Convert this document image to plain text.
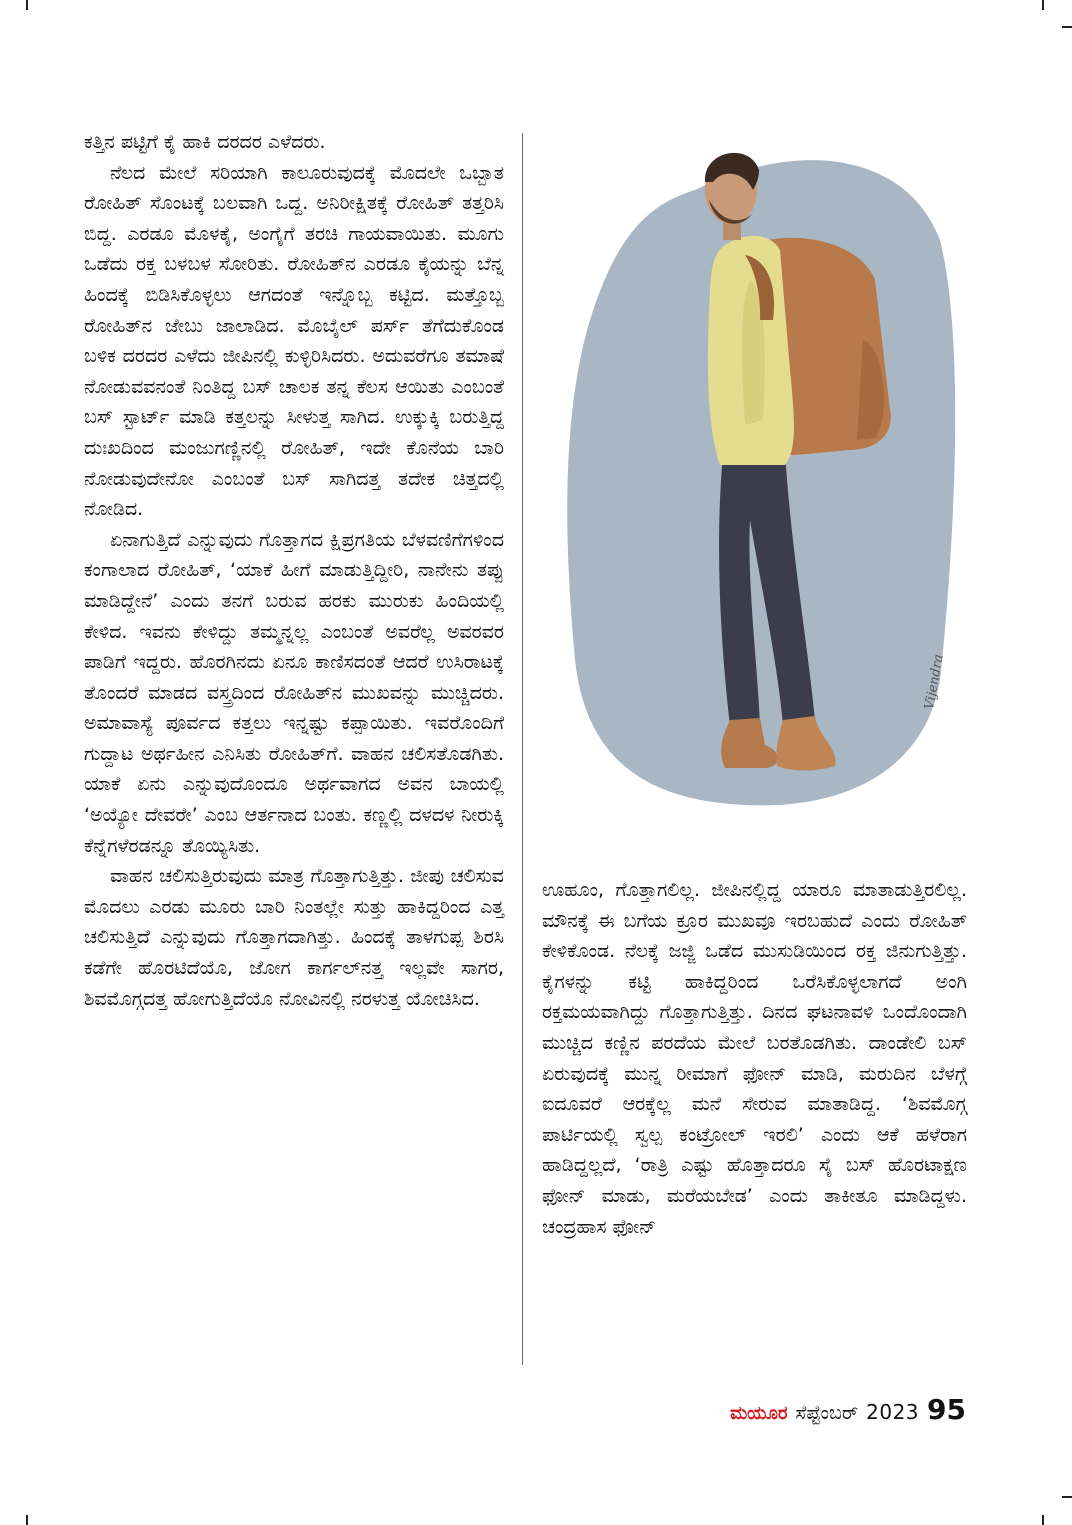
ಕತ್ತಿನ ಪಟ್ಟಿಗೆ ಕೈ ಹಾಕಿ ದರದರ ಎಳೆದರು.

ನೆಲದ ಮೇಲೆ ಸರಿಯಾಗಿ ಕಾಲೂರುವುದಕ್ಕೆ ಮೊದಲೇ ಒಬ್ಬಾತ ರೋಹಿತ್ ಸೊಂಟಕ್ಕೆ ಬಲವಾಗಿ ಒದ್ದ. ಅನಿರೀಕ್ಷಿತಕ್ಕೆ ರೋಹಿತ್ ತತ್ತರಿಸಿ ಬಿದ್ದ. ಎರಡೂ ಮೊಳಕೈ, ಅಂಗೈಗೆ ತರಚಿ ಗಾಯವಾಯಿತು. ಮೂಗು ಒಡೆದು ರಕ್ತ ಬಳಬಳ ಸೋರಿತು. ರೋಹಿತ್‌ನ ಎರಡೂ ಕೈಯನ್ನು ಬೆನ್ನ ಹಿಂದಕ್ಕೆ ಬಿಡಿಸಿಕೊಳ್ಳಲು ಆಗದಂತೆ ಇನ್ನೊಬ್ಬ ಕಟ್ಟಿದ. ಮತ್ತೊಬ್ಬ ರೋಹಿತ್‌ನ ಜೇಬು ಜಾಲಾಡಿದ. ಮೊಬೈಲ್ ಪರ್ಸ್ ತೆಗೆದುಕೊಂಡ ಬಳಿಕ ದರದರ ಎಳೆದು ಜೀಪಿನಲ್ಲಿ ಕುಳ್ಳಿರಿಸಿದರು. ಅದುವರೆಗೂ ತಮಾಷೆ ನೋಡುವವನಂತೆ ನಿಂತಿದ್ದ ಬಸ್ ಚಾಲಕ ತನ್ನ ಕೆಲಸ ಆಯಿತು ಎಂಬಂತೆ ಬಸ್ ಸ್ಟಾರ್ಟ್ ಮಾಡಿ ಕತ್ತಲನ್ನು ಸೀಳುತ್ತ ಸಾಗಿದ. ಉಕ್ಕುಕ್ಕಿ ಬರುತ್ತಿದ್ದ ದುಃಖದಿಂದ ಮಂಜುಗಣ್ಣಿನಲ್ಲಿ ರೋಹಿತ್, ಇದೇ ಕೊನೆಯ ಬಾರಿ ನೋಡುವುದೇನೋ ಎಂಬಂತೆ ಬಸ್ ಸಾಗಿದತ್ತ ತದೇಕ ಚಿತ್ತದಲ್ಲಿ ನೋಡಿದ.

ಏನಾಗುತ್ತಿದೆ ಎನ್ನುವುದು ಗೊತ್ತಾಗದ ಕ್ಷಿಪ್ರಗತಿಯ ಬೆಳವಣಿಗೆಗಳಿಂದ ಕಂಗಾಲಾದ ರೋಹಿತ್, ‘ಯಾಕೆ ಹೀಗೆ ಮಾಡುತ್ತಿದ್ದೀರಿ, ನಾನೇನು ತಪ್ಪು ಮಾಡಿದ್ದೇನೆ’ ಎಂದು ತನಗೆ ಬರುವ ಹರಕು ಮುರುಕು ಹಿಂದಿಯಲ್ಲಿ ಕೇಳಿದ. ಇವನು ಕೇಳಿದ್ದು ತಮ್ಮನ್ನಲ್ಲ ಎಂಬಂತೆ ಅವರೆಲ್ಲ ಅವರವರ ಪಾಡಿಗೆ ಇದ್ದರು. ಹೊರಗಿನದು ಏನೂ ಕಾಣಿಸದಂತೆ ಆದರೆ ಉಸಿರಾಟಕ್ಕೆ ತೊಂದರೆ ಮಾಡದ ವಸ್ತ್ರದಿಂದ ರೋಹಿತ್‌ನ ಮುಖವನ್ನು ಮುಚ್ಚಿದರು. ಅಮಾವಾಸ್ಯೆ ಪೂರ್ವದ ಕತ್ತಲು ಇನ್ನಷ್ಟು ಕಪ್ಪಾಯಿತು. ಇವರೊಂದಿಗೆ ಗುದ್ದಾಟ ಅರ್ಥಹೀನ ಎನಿಸಿತು ರೋಹಿತ್‌ಗೆ. ವಾಹನ ಚಲಿಸತೊಡಗಿತು. ಯಾಕೆ ಏನು ಎನ್ನುವುದೊಂದೂ ಅರ್ಥವಾಗದ ಅವನ ಬಾಯಲ್ಲಿ ‘ಅಯ್ಯೋ ದೇವರೇ’ ಎಂಬ ಆರ್ತನಾದ ಬಂತು. ಕಣ್ಣಲ್ಲಿ ದಳದಳ ನೀರುಕ್ಕಿ ಕೆನ್ನೆಗಳೆರಡನ್ನೂ ತೊಯ್ಯಿಸಿತು.

ವಾಹನ ಚಲಿಸುತ್ತಿರುವುದು ಮಾತ್ರ ಗೊತ್ತಾಗುತ್ತಿತ್ತು. ಜೀಪು ಚಲಿಸುವ ಮೊದಲು ಎರಡು ಮೂರು ಬಾರಿ ನಿಂತಲ್ಲೇ ಸುತ್ತು ಹಾಕಿದ್ದರಿಂದ ಎತ್ತ ಚಲಿಸುತ್ತಿದೆ ಎನ್ನುವುದು ಗೊತ್ತಾಗದಾಗಿತ್ತು. ಹಿಂದಕ್ಕೆ ತಾಳಗುಪ್ಪ ಶಿರಸಿ ಕಡೆಗೇ ಹೊರಟಿದೆಯೊ, ಜೋಗ ಕಾರ್ಗಲ್‌ನತ್ತ ಇಲ್ಲವೇ ಸಾಗರ, ಶಿವಮೊಗ್ಗದತ್ತ ಹೋಗುತ್ತಿದೆಯೊ ನೋವಿನಲ್ಲಿ ನರಳುತ್ತ ಯೋಚಿಸಿದ.

Vijendra

ಊಹೂಂ, ಗೊತ್ತಾಗಲಿಲ್ಲ. ಜೀಪಿನಲ್ಲಿದ್ದ ಯಾರೂ ಮಾತಾಡುತ್ತಿರಲಿಲ್ಲ. ಮೌನಕ್ಕೆ ಈ ಬಗೆಯ ಕ್ರೂರ ಮುಖವೂ ಇರಬಹುದೆ ಎಂದು ರೋಹಿತ್ ಕೇಳಿಕೊಂಡ. ನೆಲಕ್ಕೆ ಜಜ್ಜಿ ಒಡೆದ ಮುಸುಡಿಯಿಂದ ರಕ್ತ ಜಿನುಗುತ್ತಿತ್ತು. ಕೈಗಳನ್ನು ಕಟ್ಟಿ ಹಾಕಿದ್ದರಿಂದ ಒರೆಸಿಕೊಳ್ಳಲಾಗದೆ ಅಂಗಿ ರಕ್ತಮಯವಾಗಿದ್ದು ಗೊತ್ತಾಗುತ್ತಿತ್ತು. ದಿನದ ಘಟನಾವಳಿ ಒಂದೊಂದಾಗಿ ಮುಚ್ಚಿದ ಕಣ್ಣಿನ ಪರದೆಯ ಮೇಲೆ ಬರತೊಡಗಿತು. ದಾಂಡೇಲಿ ಬಸ್ ಏರುವುದಕ್ಕೆ ಮುನ್ನ ರೀಮಾಗೆ ಫೋನ್ ಮಾಡಿ, ಮರುದಿನ ಬೆಳಗ್ಗೆ ಐದೂವರೆ ಆರಕ್ಕೆಲ್ಲ ಮನೆ ಸೇರುವ ಮಾತಾಡಿದ್ದ. ‘ಶಿವಮೊಗ್ಗ ಪಾರ್ಟಿಯಲ್ಲಿ ಸ್ವಲ್ಪ ಕಂಟ್ರೋಲ್ ಇರಲಿ’ ಎಂದು ಆಕೆ ಹಳೆರಾಗ ಹಾಡಿದ್ದಲ್ಲದೆ, ‘ರಾತ್ರಿ ಎಷ್ಟು ಹೊತ್ತಾದರೂ ಸೈ ಬಸ್ ಹೊರಟಾಕ್ಷಣ ಫೋನ್ ಮಾಡು, ಮರೆಯಬೇಡ’ ಎಂದು ತಾಕೀತೂ ಮಾಡಿದ್ದಳು. ಚಂದ್ರಹಾಸ ಫೋನ್

ಮಯೂರ ಸೆಪ್ಟೆಂಬರ್ 2023 95
